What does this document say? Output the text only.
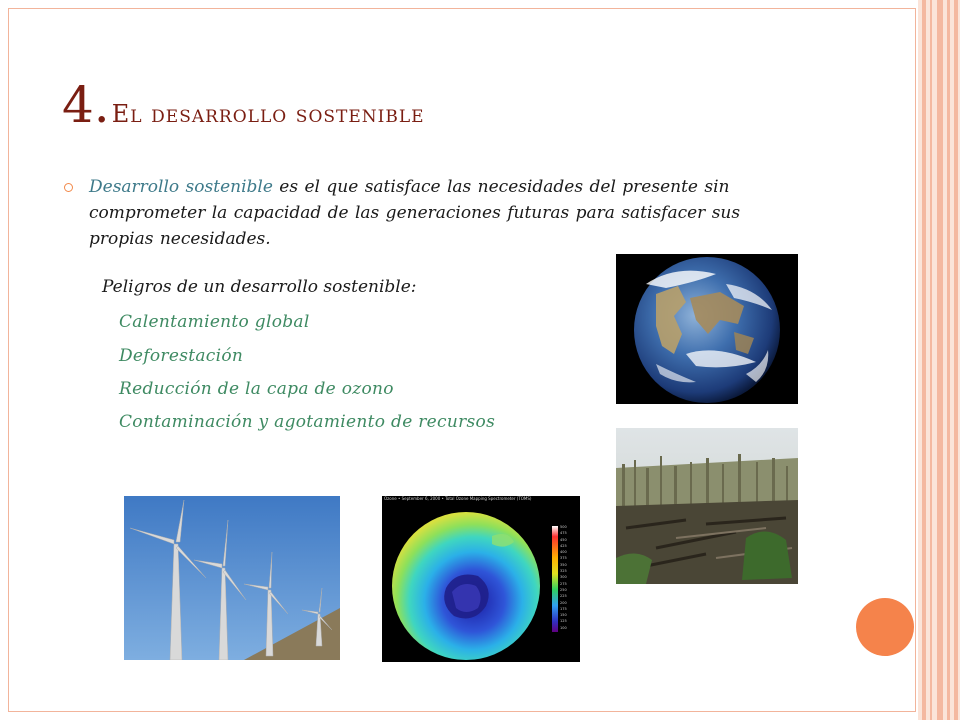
4.El desarrollo sostenible
Desarrollo sostenible es el que satisface las necesidades del presente sin comprometer la capacidad de las generaciones futuras para satisfacer sus propias necesidades.
Peligros de un desarrollo sostenible:
Calentamiento global
Deforestación
Reducción de la capa de ozono
Contaminación y agotamiento de recursos
Ozone • September 6, 2000 • Total Ozone Mapping Spectrometer (TOMS)
500
475
450
425
400
375
350
325
300
275
250
225
200
175
150
125
100
